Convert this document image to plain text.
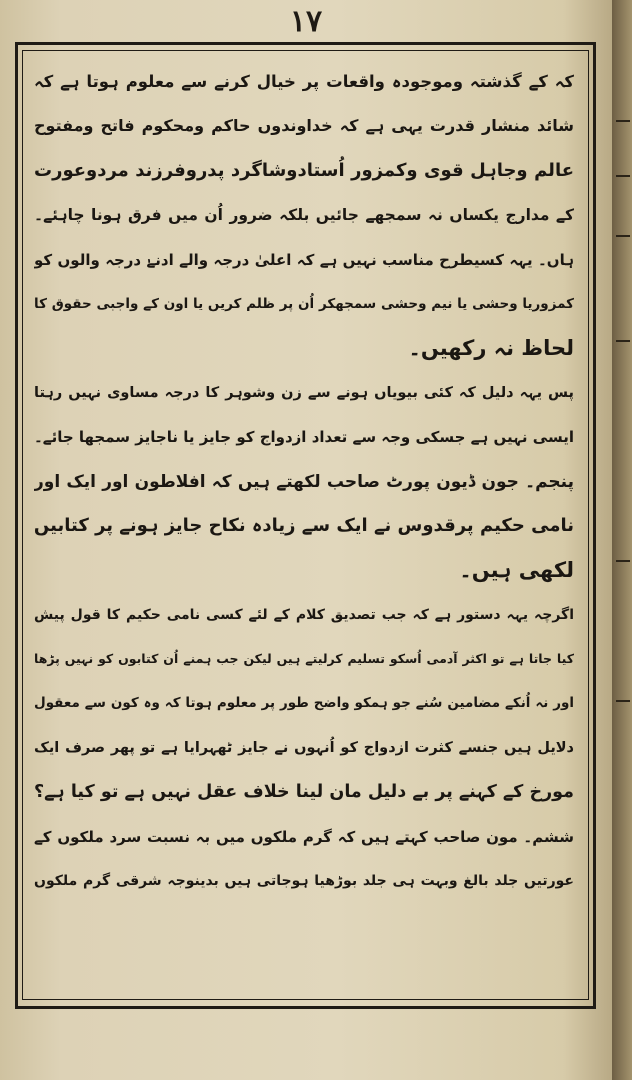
۱۷
کہ کے گذشتہ وموجودہ واقعات پر خیال کرنے سے معلوم ہوتا ہے کہ
شائد منشار قدرت یہی ہے کہ خداوندوں حاکم ومحکوم فاتح ومفتوح
عالم وجاہل قوی وکمزور اُستادوشاگرد پدروفرزند مردوعورت
کے مدارج یکساں نہ سمجھے جائیں بلکہ ضرور اُن میں فرق ہونا چاہئے۔
ہاں۔ یہہ کسیطرح مناسب نہیں ہے کہ اعلیٰ درجہ والے ادنےٰ درجہ والوں کو
کمزوریا وحشی یا نیم وحشی سمجھکر اُن پر ظلم کریں یا اون کے واجبی حقوق کا
لحاظ نہ رکھیں۔
پس یہہ دلیل کہ کئی بیویاں ہونے سے زن وشوہر کا درجہ مساوی نہیں رہتا
ایسی نہیں ہے جسکی وجہ سے تعداد ازدواج کو جایز یا ناجایز سمجھا جائے۔
پنجم۔ جون ڈیون پورٹ صاحب لکھتے ہیں کہ افلاطون اور ایک اور
نامی حکیم پرقدوس نے ایک سے زیادہ نکاح جایز ہونے پر کتابیں
لکھی ہیں۔
اگرچہ یہہ دستور ہے کہ جب تصدیق کلام کے لئے کسی نامی حکیم کا قول پیش
کیا جاتا ہے تو اکثر آدمی اُسکو تسلیم کرلیتے ہیں لیکن جب ہمنے اُن کتابوں کو نہیں پڑھا
اور نہ اُنکے مضامین سُنے جو ہمکو واضح طور پر معلوم ہوتا کہ وہ کون سے معقول
دلایل ہیں جنسے کثرت ازدواج کو اُنہوں نے جایز ٹھہرایا ہے تو پھر صرف ایک
مورخ کے کہنے پر بے دلیل مان لینا خلاف عقل نہیں ہے تو کیا ہے؟
ششم۔ مون صاحب کہتے ہیں کہ گرم ملکوں میں بہ نسبت سرد ملکوں کے
عورتیں جلد بالغ وبہت ہی جلد بوڑھیا ہوجاتی ہیں بدینوجہ شرقی گرم ملکوں
